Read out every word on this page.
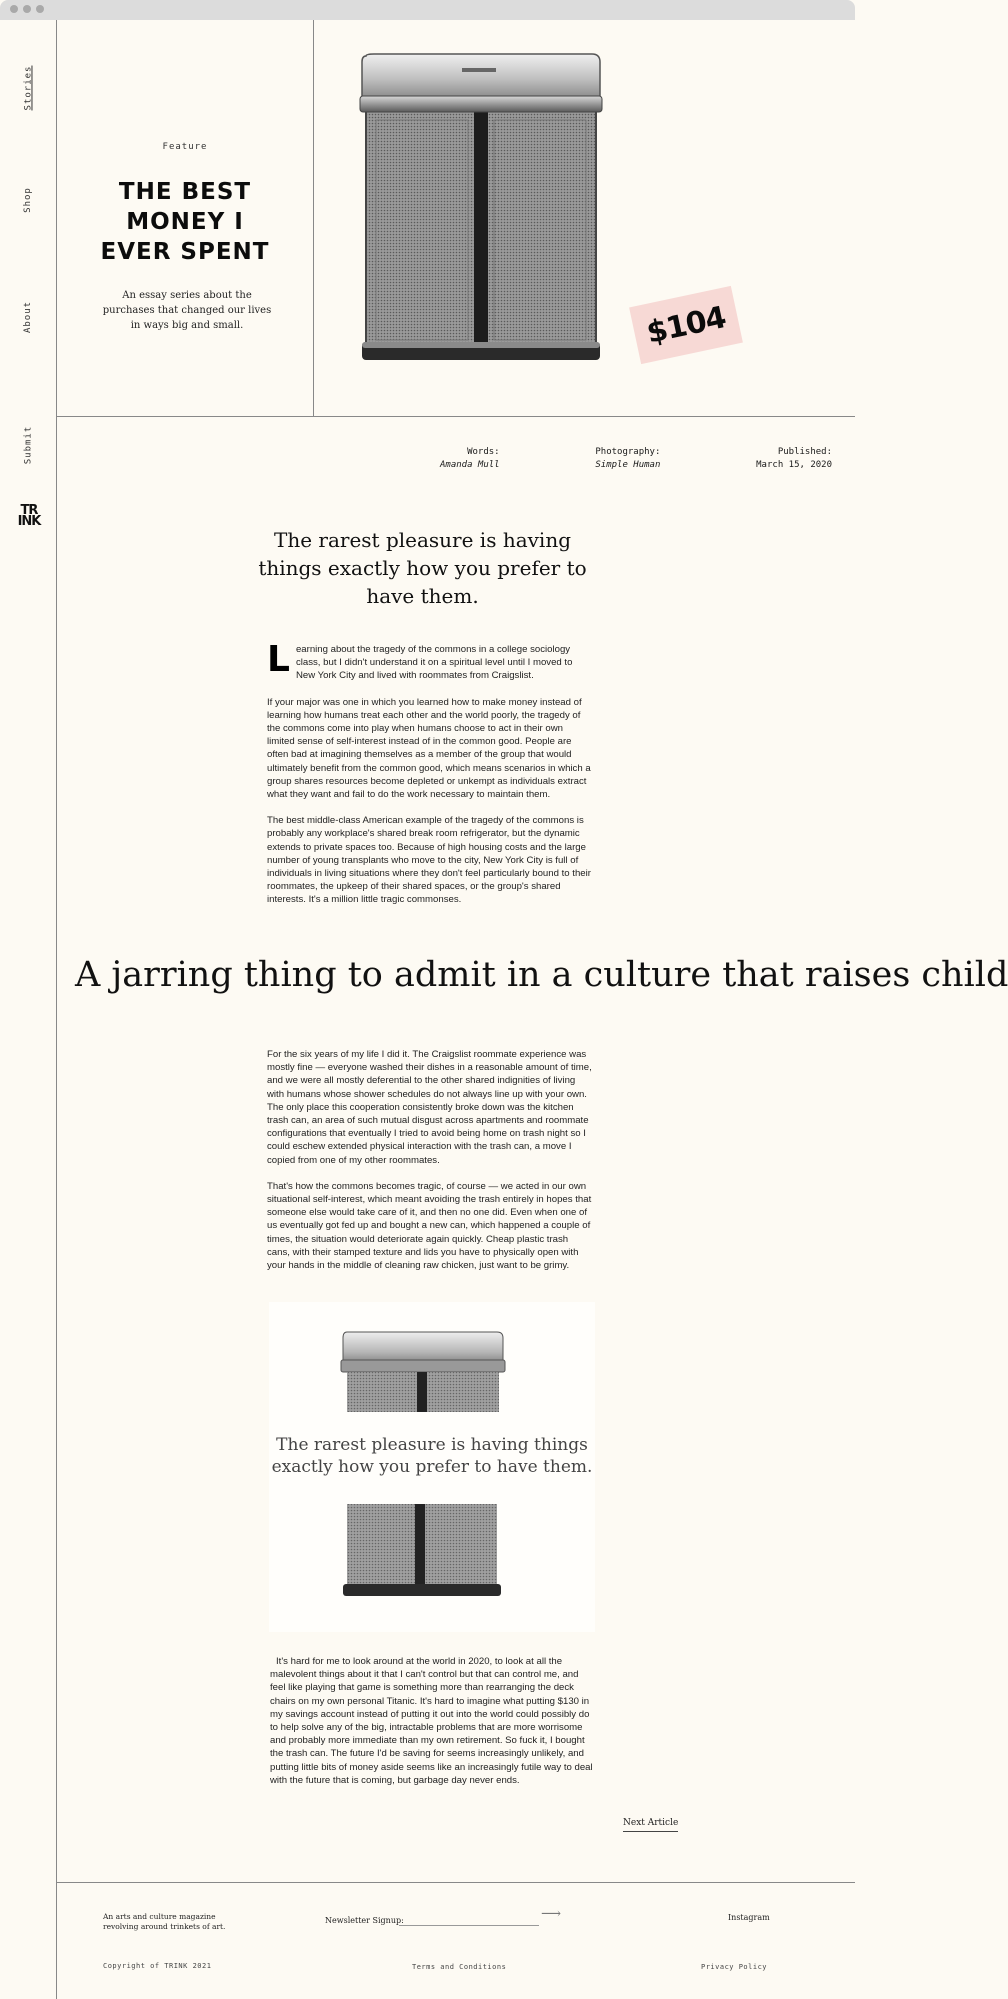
Stories
Shop
About
Submit
TR
INK
Feature
THE BEST
MONEY I
EVER SPENT

An essay series about the purchases that changed our lives in ways big and small.	$104
Words:
Amanda Mull
Photography:
Simple Human
Published:
March 15, 2020
The rarest pleasure is having things exactly how you prefer to have them.

Learning about the tragedy of the commons in a college sociology class, but I didn't understand it on a spiritual level until I moved to New York City and lived with roommates from Craigslist.

If your major was one in which you learned how to make money instead of learning how humans treat each other and the world poorly, the tragedy of the commons come into play when humans choose to act in their own limited sense of self-interest instead of in the common good. People are often bad at imagining themselves as a member of the group that would ultimately benefit from the common good, which means scenarios in which a group shares resources become depleted or unkempt as individuals extract what they want and fail to do the work necessary to maintain them.

The best middle-class American example of the tragedy of the commons is probably any workplace's shared break room refrigerator, but the dynamic extends to private spaces too. Because of high housing costs and the large number of young transplants who move to the city, New York City is full of individuals in living situations where they don't feel particularly bound to their roommates, the upkeep of their shared spaces, or the group's shared interests. It's a million little tragic commonses.

A jarring thing to admit in a culture that raises child

For the six years of my life I did it. The Craigslist roommate experience was mostly fine — everyone washed their dishes in a reasonable amount of time, and we were all mostly deferential to the other shared indignities of living with humans whose shower schedules do not always line up with your own. The only place this cooperation consistently broke down was the kitchen trash can, an area of such mutual disgust across apartments and roommate configurations that eventually I tried to avoid being home on trash night so I could eschew extended physical interaction with the trash can, a move I copied from one of my other roommates.

That's how the commons becomes tragic, of course — we acted in our own situational self-interest, which meant avoiding the trash entirely in hopes that someone else would take care of it, and then no one did. Even when one of us eventually got fed up and bought a new can, which happened a couple of times, the situation would deteriorate again quickly. Cheap plastic trash cans, with their stamped texture and lids you have to physically open with your hands in the middle of cleaning raw chicken, just want to be grimy.

The rarest pleasure is having things exactly how you prefer to have them.

It's hard for me to look around at the world in 2020, to look at all the malevolent things about it that I can't control but that can control me, and feel like playing that game is something more than rearranging the deck chairs on my own personal Titanic. It's hard to imagine what putting $130 in my savings account instead of putting it out into the world could possibly do to help solve any of the big, intractable problems that are more worrisome and probably more immediate than my own retirement. So fuck it, I bought the trash can. The future I'd be saving for seems increasingly unlikely, and putting little bits of money aside seems like an increasingly futile way to deal with the future that is coming, but garbage day never ends.

Next Article
An arts and culture magazine revolving around trinkets of art.
Newsletter Signup:	⟶	Instagram
Copyright of TRINK 2021	Terms and Conditions	Privacy Policy
